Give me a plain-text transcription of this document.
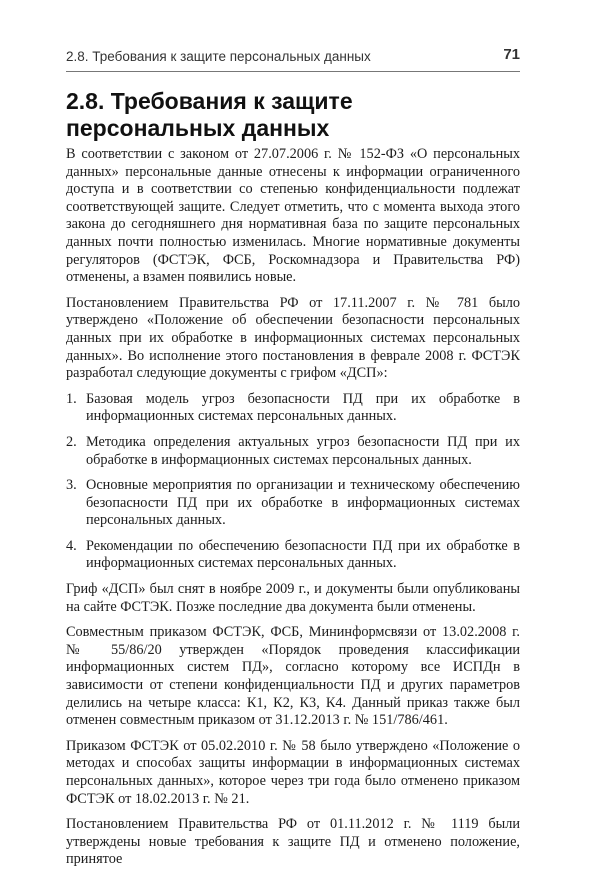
2.8. Требования к защите персональных данных	71
2.8. Требования к защите персональных данных

В соответствии с законом от 27.07.2006 г. № 152-ФЗ «О персональных данных» персональные данные отнесены к информации ограниченного доступа и в соответствии со степенью конфиденциальности подлежат соответствующей защите. Следует отметить, что с момента выхода этого закона до сегодняшнего дня нормативная база по защите персональных данных почти полностью изменилась. Многие нормативные документы регуляторов (ФСТЭК, ФСБ, Роскомнадзора и Правительства РФ) отменены, а взамен появились новые.

Постановлением Правительства РФ от 17.11.2007 г. № 781 было утверждено «Положение об обеспечении безопасности персональных данных при их обработке в информационных системах персональных данных». Во исполнение этого постановления в феврале 2008 г. ФСТЭК разработал следующие документы с грифом «ДСП»:

1. Базовая модель угроз безопасности ПД при их обработке в информационных системах персональных данных.
2. Методика определения актуальных угроз безопасности ПД при их обработке в информационных системах персональных данных.
3. Основные мероприятия по организации и техническому обеспечению безопасности ПД при их обработке в информационных системах персональных данных.
4. Рекомендации по обеспечению безопасности ПД при их обработке в информационных системах персональных данных.

Гриф «ДСП» был снят в ноябре 2009 г., и документы были опубликованы на сайте ФСТЭК. Позже последние два документа были отменены.

Совместным приказом ФСТЭК, ФСБ, Мининформсвязи от 13.02.2008 г. № 55/86/20 утвержден «Порядок проведения классификации информационных систем ПД», согласно которому все ИСПДн в зависимости от степени конфиденциальности ПД и других параметров делились на четыре класса: К1, К2, К3, К4. Данный приказ также был отменен совместным приказом от 31.12.2013 г. № 151/786/461.

Приказом ФСТЭК от 05.02.2010 г. № 58 было утверждено «Положение о методах и способах защиты информации в информационных системах персональных данных», которое через три года было отменено приказом ФСТЭК от 18.02.2013 г. № 21.

Постановлением Правительства РФ от 01.11.2012 г. № 1119 были утверждены новые требования к защите ПД и отменено положение, принятое
